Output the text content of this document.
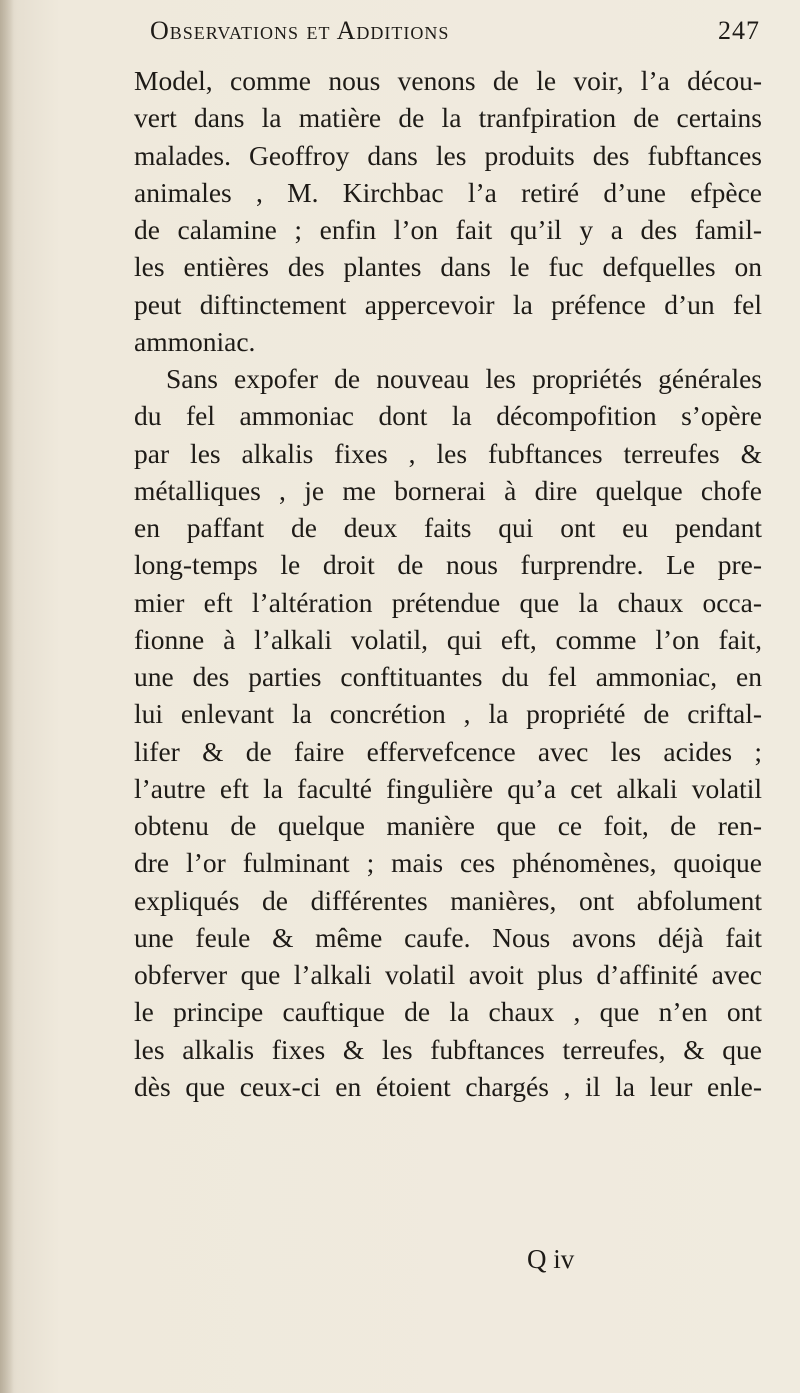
Observations et Additions	247
Model, comme nous venons de le voir, l’a décou-
vert dans la matière de la tranfpiration de certains
malades. Geoffroy dans les produits des fubftances
animales , M. Kirchbac l’a retiré d’une efpèce
de calamine ; enfin l’on fait qu’il y a des famil-
les entières des plantes dans le fuc defquelles on
peut diftinctement appercevoir la préfence d’un fel
ammoniac.
Sans expofer de nouveau les propriétés générales
du fel ammoniac dont la décompofition s’opère
par les alkalis fixes , les fubftances terreufes &
métalliques , je me bornerai à dire quelque chofe
en paffant de deux faits qui ont eu pendant
long-temps le droit de nous furprendre. Le pre-
mier eft l’altération prétendue que la chaux occa-
fionne à l’alkali volatil, qui eft, comme l’on fait,
une des parties conftituantes du fel ammoniac, en
lui enlevant la concrétion , la propriété de criftal-
lifer & de faire effervefcence avec les acides ;
l’autre eft la faculté fingulière qu’a cet alkali volatil
obtenu de quelque manière que ce foit, de ren-
dre l’or fulminant ; mais ces phénomènes, quoique
expliqués de différentes manières, ont abfolument
une feule & même caufe. Nous avons déjà fait
obferver que l’alkali volatil avoit plus d’affinité avec
le principe cauftique de la chaux , que n’en ont
les alkalis fixes & les fubftances terreufes, & que
dès que ceux-ci en étoient chargés , il la leur enle-
Q iv
